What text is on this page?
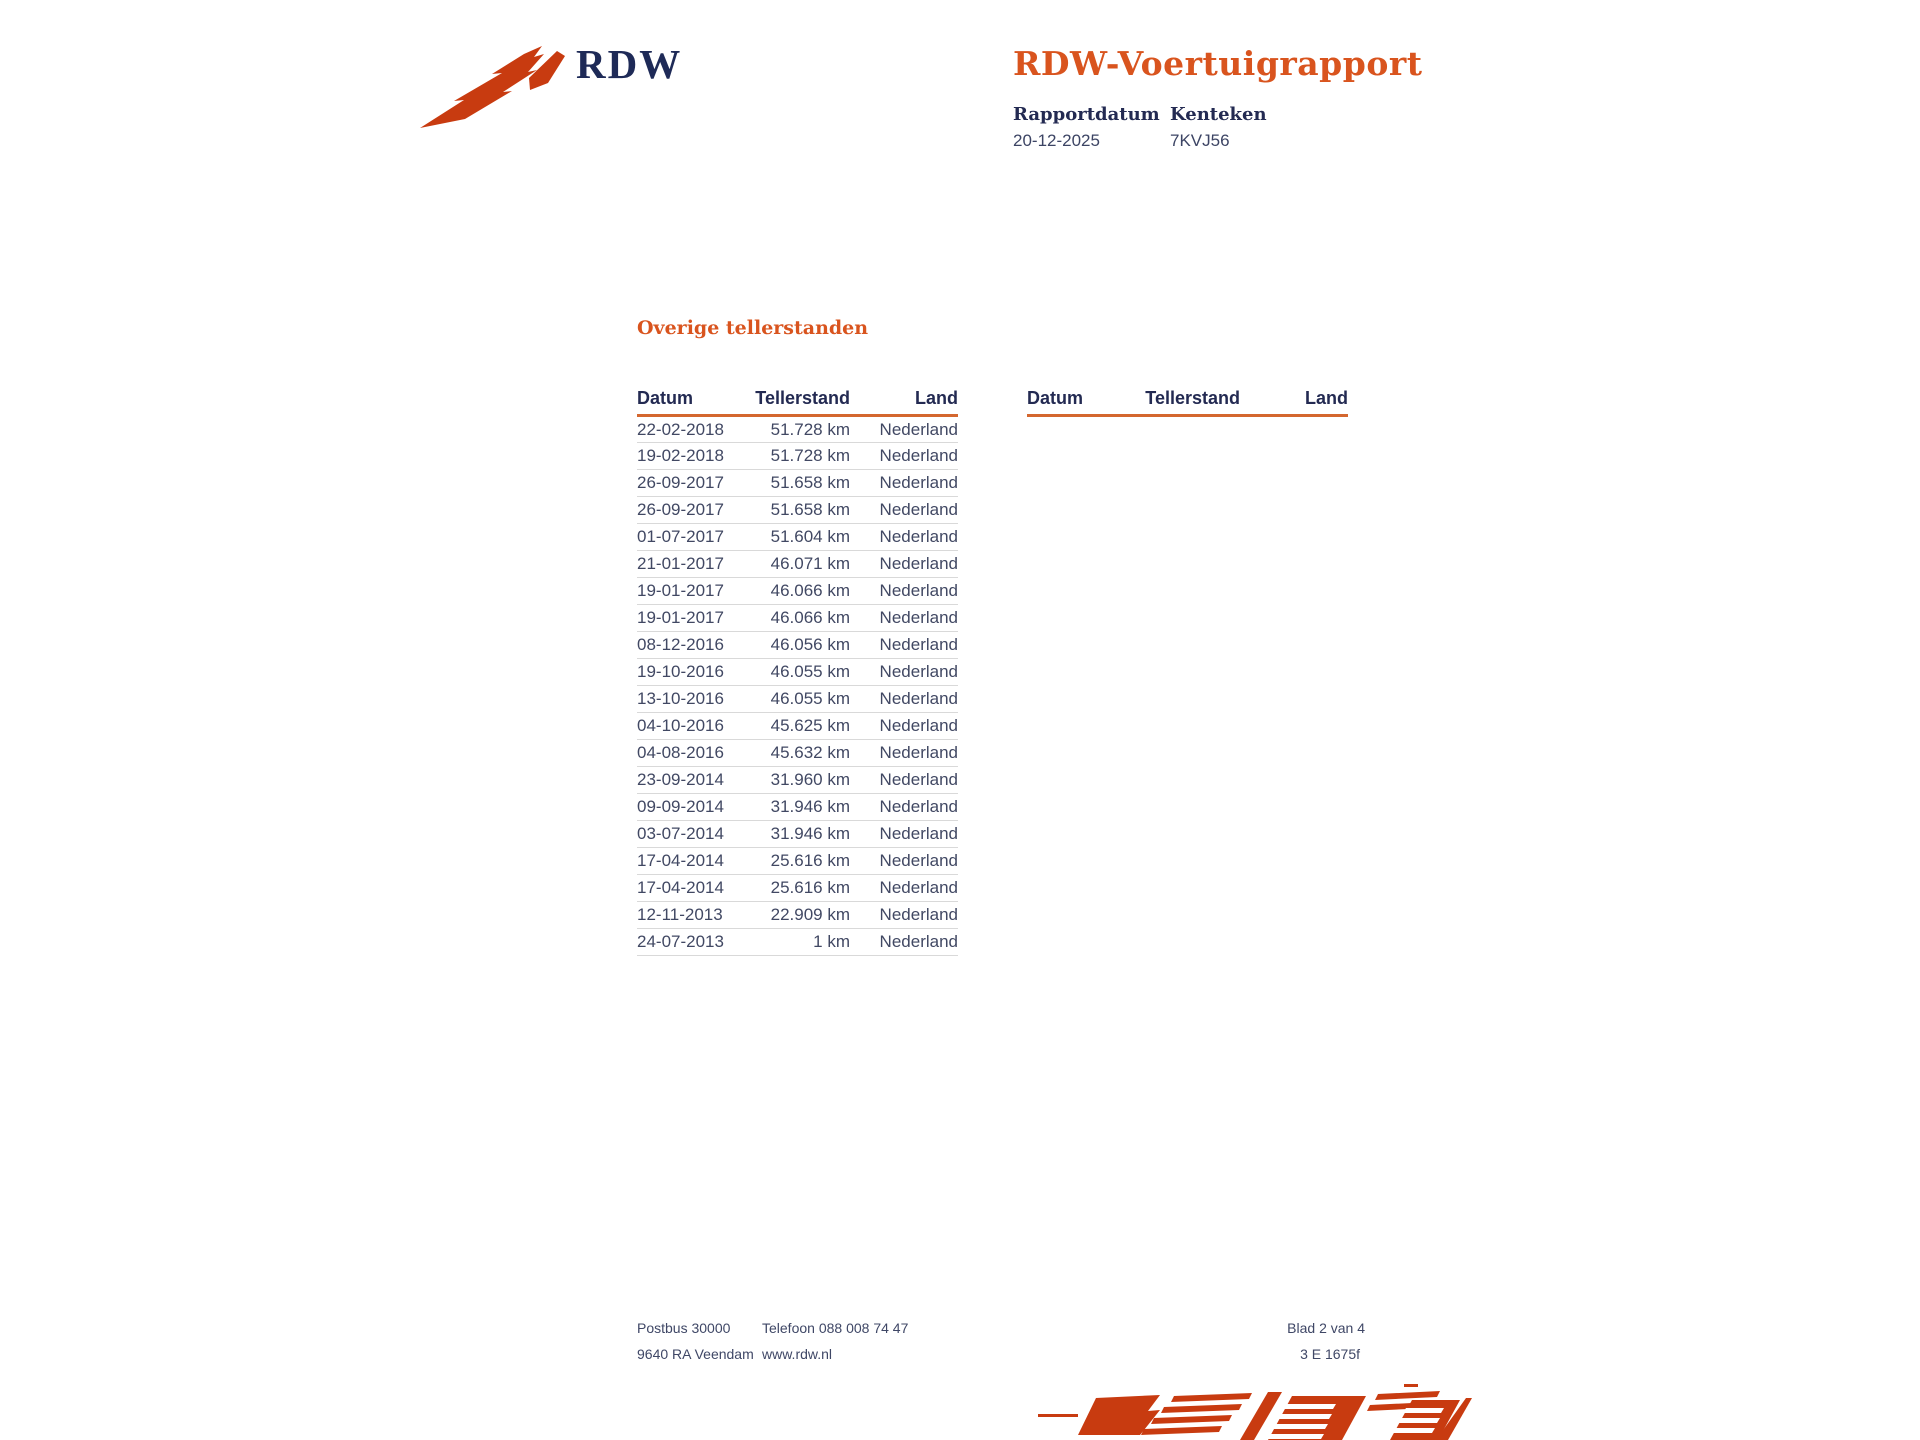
RDW	RDW-Voertuigrapport
Rapportdatum
20-12-2025
Kenteken
7KVJ56
Overige tellerstanden
Datum	Tellerstand	Land
22-02-2018	51.728 km	Nederland
19-02-2018	51.728 km	Nederland
26-09-2017	51.658 km	Nederland
26-09-2017	51.658 km	Nederland
01-07-2017	51.604 km	Nederland
21-01-2017	46.071 km	Nederland
19-01-2017	46.066 km	Nederland
19-01-2017	46.066 km	Nederland
08-12-2016	46.056 km	Nederland
19-10-2016	46.055 km	Nederland
13-10-2016	46.055 km	Nederland
04-10-2016	45.625 km	Nederland
04-08-2016	45.632 km	Nederland
23-09-2014	31.960 km	Nederland
09-09-2014	31.946 km	Nederland
03-07-2014	31.946 km	Nederland
17-04-2014	25.616 km	Nederland
17-04-2014	25.616 km	Nederland
12-11-2013	22.909 km	Nederland
24-07-2013	1 km	Nederland
Datum	Tellerstand	Land
Postbus 30000
9640 RA Veendam
Telefoon 088 008 74 47
www.rdw.nl
Blad 2 van 4
3 E 1675f
